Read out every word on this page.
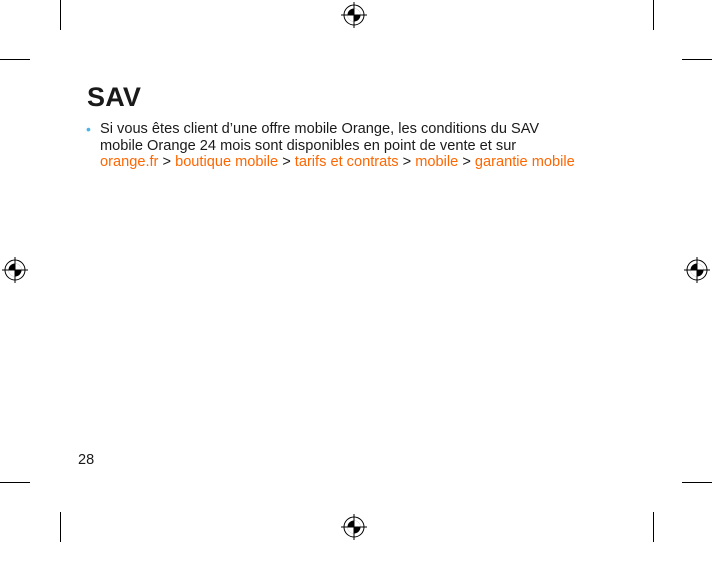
SAV
• Si vous êtes client d’une offre mobile Orange, les conditions du SAV
mobile Orange 24 mois sont disponibles en point de vente et sur
orange.fr > boutique mobile > tarifs et contrats > mobile > garantie mobile
28
